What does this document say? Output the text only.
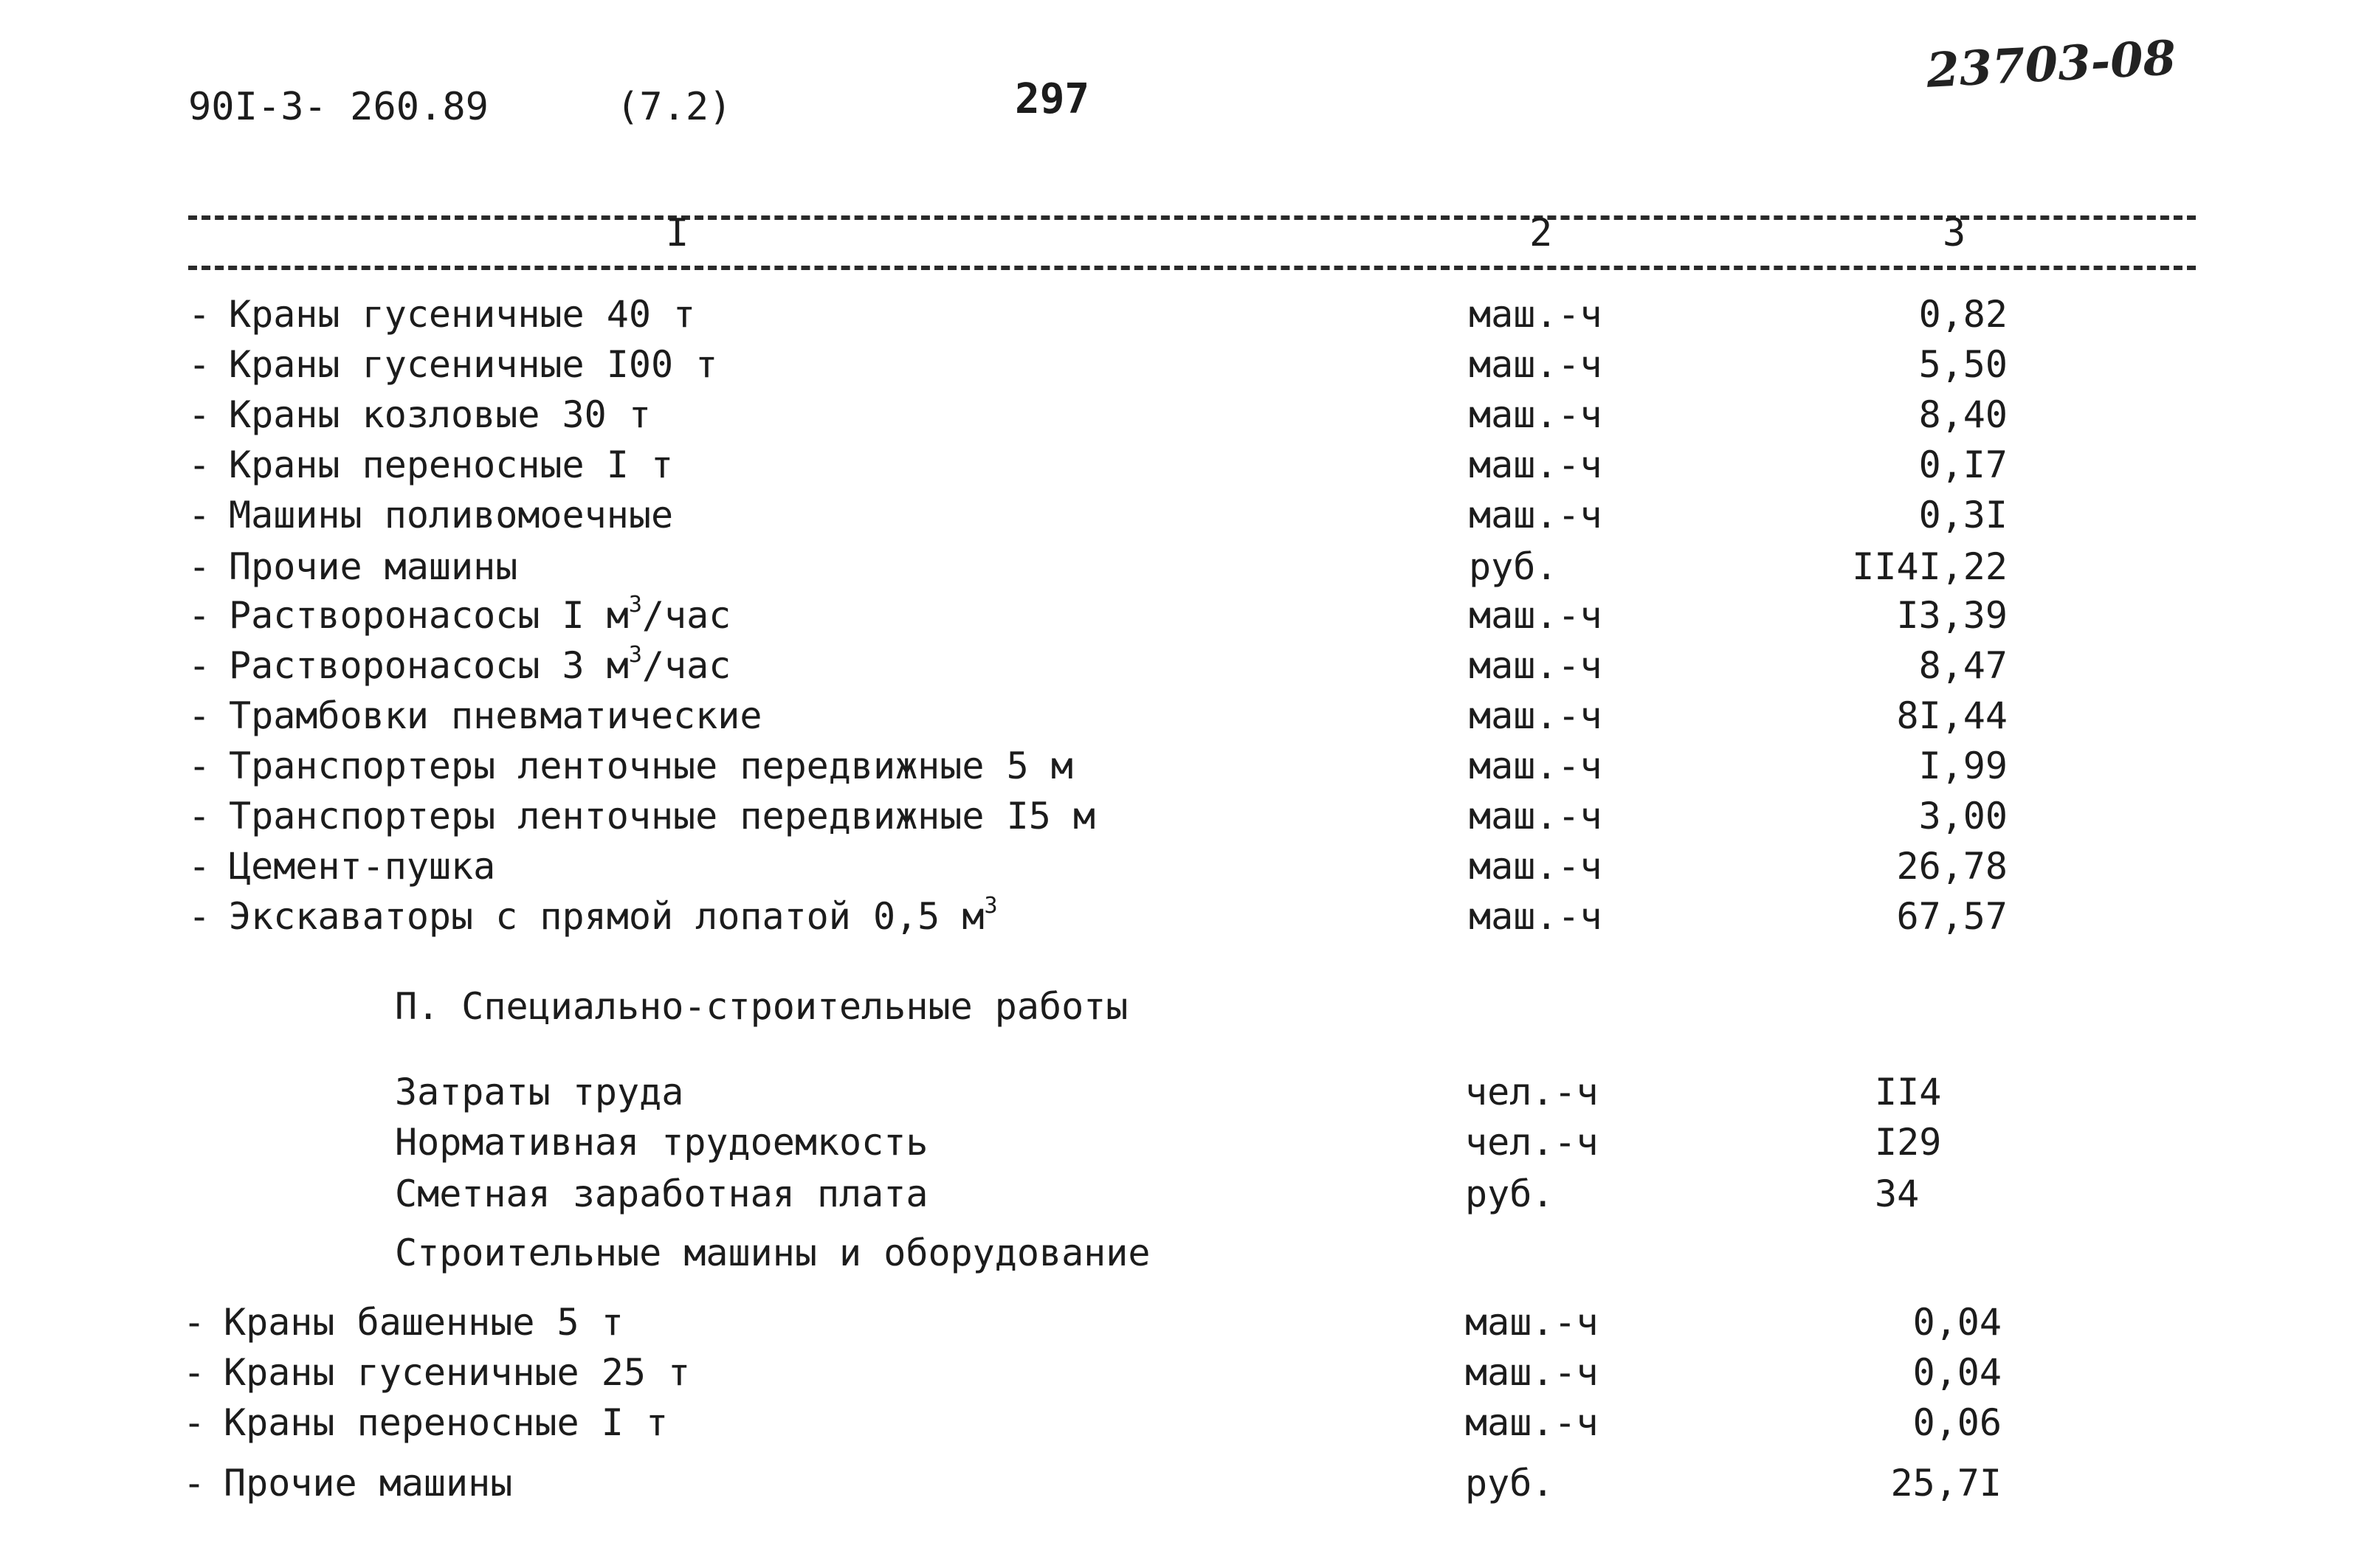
90I-3- 260.89	(7.2)	297
23703-08
I	2	3
- Краны гусеничные 40 т	маш.-ч	0,82
- Краны гусеничные I00 т	маш.-ч	5,50
- Краны козловые 30 т	маш.-ч	8,40
- Краны переносные I т	маш.-ч	0,I7
- Машины поливомоечные	маш.-ч	0,3I
- Прочие машины	руб.	II4I,22
- Растворонасосы I $м^3$/час	маш.-ч	I3,39
- Растворонасосы 3 $м^3$/час	маш.-ч	8,47
- Трамбовки пневматические	маш.-ч	8I,44
- Транспортеры ленточные передвижные 5 м	маш.-ч	I,99
- Транспортеры ленточные передвижные I5 м	маш.-ч	3,00
- Цемент-пушка	маш.-ч	26,78
- Экскаваторы с прямой лопатой 0,5 $м^3$	маш.-ч	67,57
П. Специально-строительные работы
Затраты труда	чел.-ч	II4
Нормативная трудоемкость	чел.-ч	I29
Сметная заработная плата	руб.	34
Строительные машины и оборудование
- Краны башенные 5 т	маш.-ч	0,04
- Краны гусеничные 25 т	маш.-ч	0,04
- Краны переносные I т	маш.-ч	0,06
- Прочие машины	руб.	25,7I
